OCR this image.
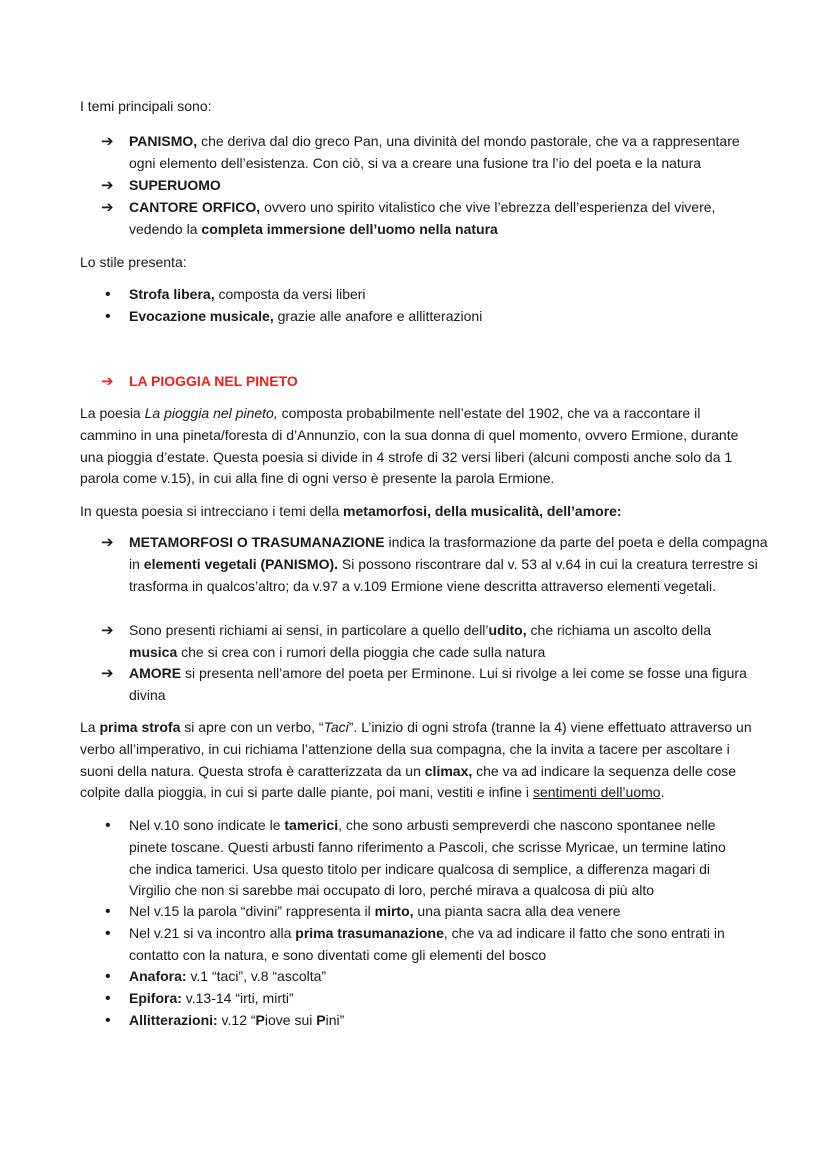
I temi principali sono:

➔	PANISMO, che deriva dal dio greco Pan, una divinità del mondo pastorale, che va a rappresentare ogni elemento dell’esistenza. Con ciò, si va a creare una fusione tra l’io del poeta e la natura

➔	SUPERUOMO

➔	CANTORE ORFICO, ovvero uno spirito vitalistico che vive l’ebrezza dell’esperienza del vivere, vedendo la completa immersione dell’uomo nella natura

Lo stile presenta:

•	Strofa libera, composta da versi liberi

•	Evocazione musicale, grazie alle anafore e allitterazioni

➔	LA PIOGGIA NEL PINETO

La poesia La pioggia nel pineto, composta probabilmente nell’estate del 1902, che va a raccontare il cammino in una pineta/foresta di d’Annunzio, con la sua donna di quel momento, ovvero Ermione, durante una pioggia d’estate. Questa poesia si divide in 4 strofe di 32 versi liberi (alcuni composti anche solo da 1 parola come v.15), in cui alla fine di ogni verso è presente la parola Ermione.

In questa poesia si intrecciano i temi della metamorfosi, della musicalità, dell’amore:

➔	METAMORFOSI O TRASUMANAZIONE indica la trasformazione da parte del poeta e della compagna in elementi vegetali (PANISMO). Si possono riscontrare dal v. 53 al v.64 in cui la creatura terrestre si trasforma in qualcos’altro; da v.97 a v.109 Ermione viene descritta attraverso elementi vegetali.

➔	Sono presenti richiami ai sensi, in particolare a quello dell’udito, che richiama un ascolto della musica che si crea con i rumori della pioggia che cade sulla natura

➔	AMORE si presenta nell’amore del poeta per Erminone. Lui si rivolge a lei come se fosse una figura divina

La prima strofa si apre con un verbo, “Taci”. L’inizio di ogni strofa (tranne la 4) viene effettuato attraverso un verbo all’imperativo, in cui richiama l’attenzione della sua compagna, che la invita a tacere per ascoltare i suoni della natura. Questa strofa è caratterizzata da un climax, che va ad indicare la sequenza delle cose colpite dalla pioggia, in cui si parte dalle piante, poi mani, vestiti e infine i sentimenti dell’uomo.

•	Nel v.10 sono indicate le tamerici, che sono arbusti sempreverdi che nascono spontanee nelle pinete toscane. Questi arbusti fanno riferimento a Pascoli, che scrisse Myricae, un termine latino che indica tamerici. Usa questo titolo per indicare qualcosa di semplice, a differenza magari di Virgilio che non si sarebbe mai occupato di loro, perché mirava a qualcosa di più alto

•	Nel v.15 la parola “divini” rappresenta il mirto, una pianta sacra alla dea venere

•	Nel v.21 si va incontro alla prima trasumanazione, che va ad indicare il fatto che sono entrati in contatto con la natura, e sono diventati come gli elementi del bosco

•	Anafora: v.1 “taci”, v.8 “ascolta”

•	Epifora: v.13-14 “irti, mirti”

•	Allitterazioni: v.12 “Piove sui Pini”
